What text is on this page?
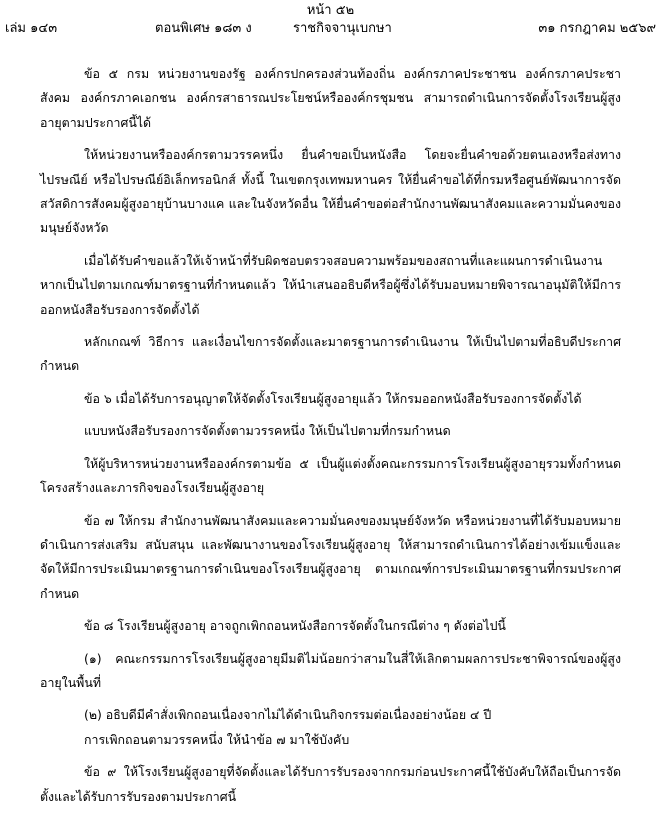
หน้า ๕๒
เล่ม ๑๔๓	ตอนพิเศษ ๑๘๓ ง	ราชกิจจานุเบกษา	๓๑ กรกฎาคม ๒๕๖๙

ข้อ ๕ กรม หน่วยงานของรัฐ องค์กรปกครองส่วนท้องถิ่น องค์กรภาคประชาชน องค์กรภาคประชาสังคม องค์กรภาคเอกชน องค์กรสาธารณประโยชน์หรือองค์กรชุมชน สามารถดำเนินการจัดตั้งโรงเรียนผู้สูงอายุตามประกาศนี้ได้

ให้หน่วยงานหรือองค์กรตามวรรคหนึ่ง ยื่นคำขอเป็นหนังสือ โดยจะยื่นคำขอด้วยตนเองหรือส่งทางไปรษณีย์ หรือไปรษณีย์อิเล็กทรอนิกส์ ทั้งนี้ ในเขตกรุงเทพมหานคร ให้ยื่นคำขอได้ที่กรมหรือศูนย์พัฒนาการจัดสวัสดิการสังคมผู้สูงอายุบ้านบางแค และในจังหวัดอื่น ให้ยื่นคำขอต่อสำนักงานพัฒนาสังคมและความมั่นคงของมนุษย์จังหวัด

เมื่อได้รับคำขอแล้วให้เจ้าหน้าที่รับผิดชอบตรวจสอบความพร้อมของสถานที่และแผนการดำเนินงานหากเป็นไปตามเกณฑ์มาตรฐานที่กำหนดแล้ว ให้นำเสนออธิบดีหรือผู้ซึ่งได้รับมอบหมายพิจารณาอนุมัติให้มีการออกหนังสือรับรองการจัดตั้งได้

หลักเกณฑ์ วิธีการ และเงื่อนไขการจัดตั้งและมาตรฐานการดำเนินงาน ให้เป็นไปตามที่อธิบดีประกาศกำหนด

ข้อ ๖ เมื่อได้รับการอนุญาตให้จัดตั้งโรงเรียนผู้สูงอายุแล้ว ให้กรมออกหนังสือรับรองการจัดตั้งได้

แบบหนังสือรับรองการจัดตั้งตามวรรคหนึ่ง ให้เป็นไปตามที่กรมกำหนด

ให้ผู้บริหารหน่วยงานหรือองค์กรตามข้อ ๕ เป็นผู้แต่งตั้งคณะกรรมการโรงเรียนผู้สูงอายุรวมทั้งกำหนดโครงสร้างและภารกิจของโรงเรียนผู้สูงอายุ

ข้อ ๗ ให้กรม สำนักงานพัฒนาสังคมและความมั่นคงของมนุษย์จังหวัด หรือหน่วยงานที่ได้รับมอบหมาย ดำเนินการส่งเสริม สนับสนุน และพัฒนางานของโรงเรียนผู้สูงอายุ ให้สามารถดำเนินการได้อย่างเข้มแข็งและจัดให้มีการประเมินมาตรฐานการดำเนินของโรงเรียนผู้สูงอายุ ตามเกณฑ์การประเมินมาตรฐานที่กรมประกาศกำหนด

ข้อ ๘ โรงเรียนผู้สูงอายุ อาจถูกเพิกถอนหนังสือการจัดตั้งในกรณีต่าง ๆ ดังต่อไปนี้

(๑) คณะกรรมการโรงเรียนผู้สูงอายุมีมติไม่น้อยกว่าสามในสี่ให้เลิกตามผลการประชาพิจารณ์ของผู้สูงอายุในพื้นที่

(๒) อธิบดีมีคำสั่งเพิกถอนเนื่องจากไม่ได้ดำเนินกิจกรรมต่อเนื่องอย่างน้อย ๔ ปี

การเพิกถอนตามวรรคหนึ่ง ให้นำข้อ ๗ มาใช้บังคับ

ข้อ ๙ ให้โรงเรียนผู้สูงอายุที่จัดตั้งและได้รับการรับรองจากกรมก่อนประกาศนี้ใช้บังคับให้ถือเป็นการจัดตั้งและได้รับการรับรองตามประกาศนี้
